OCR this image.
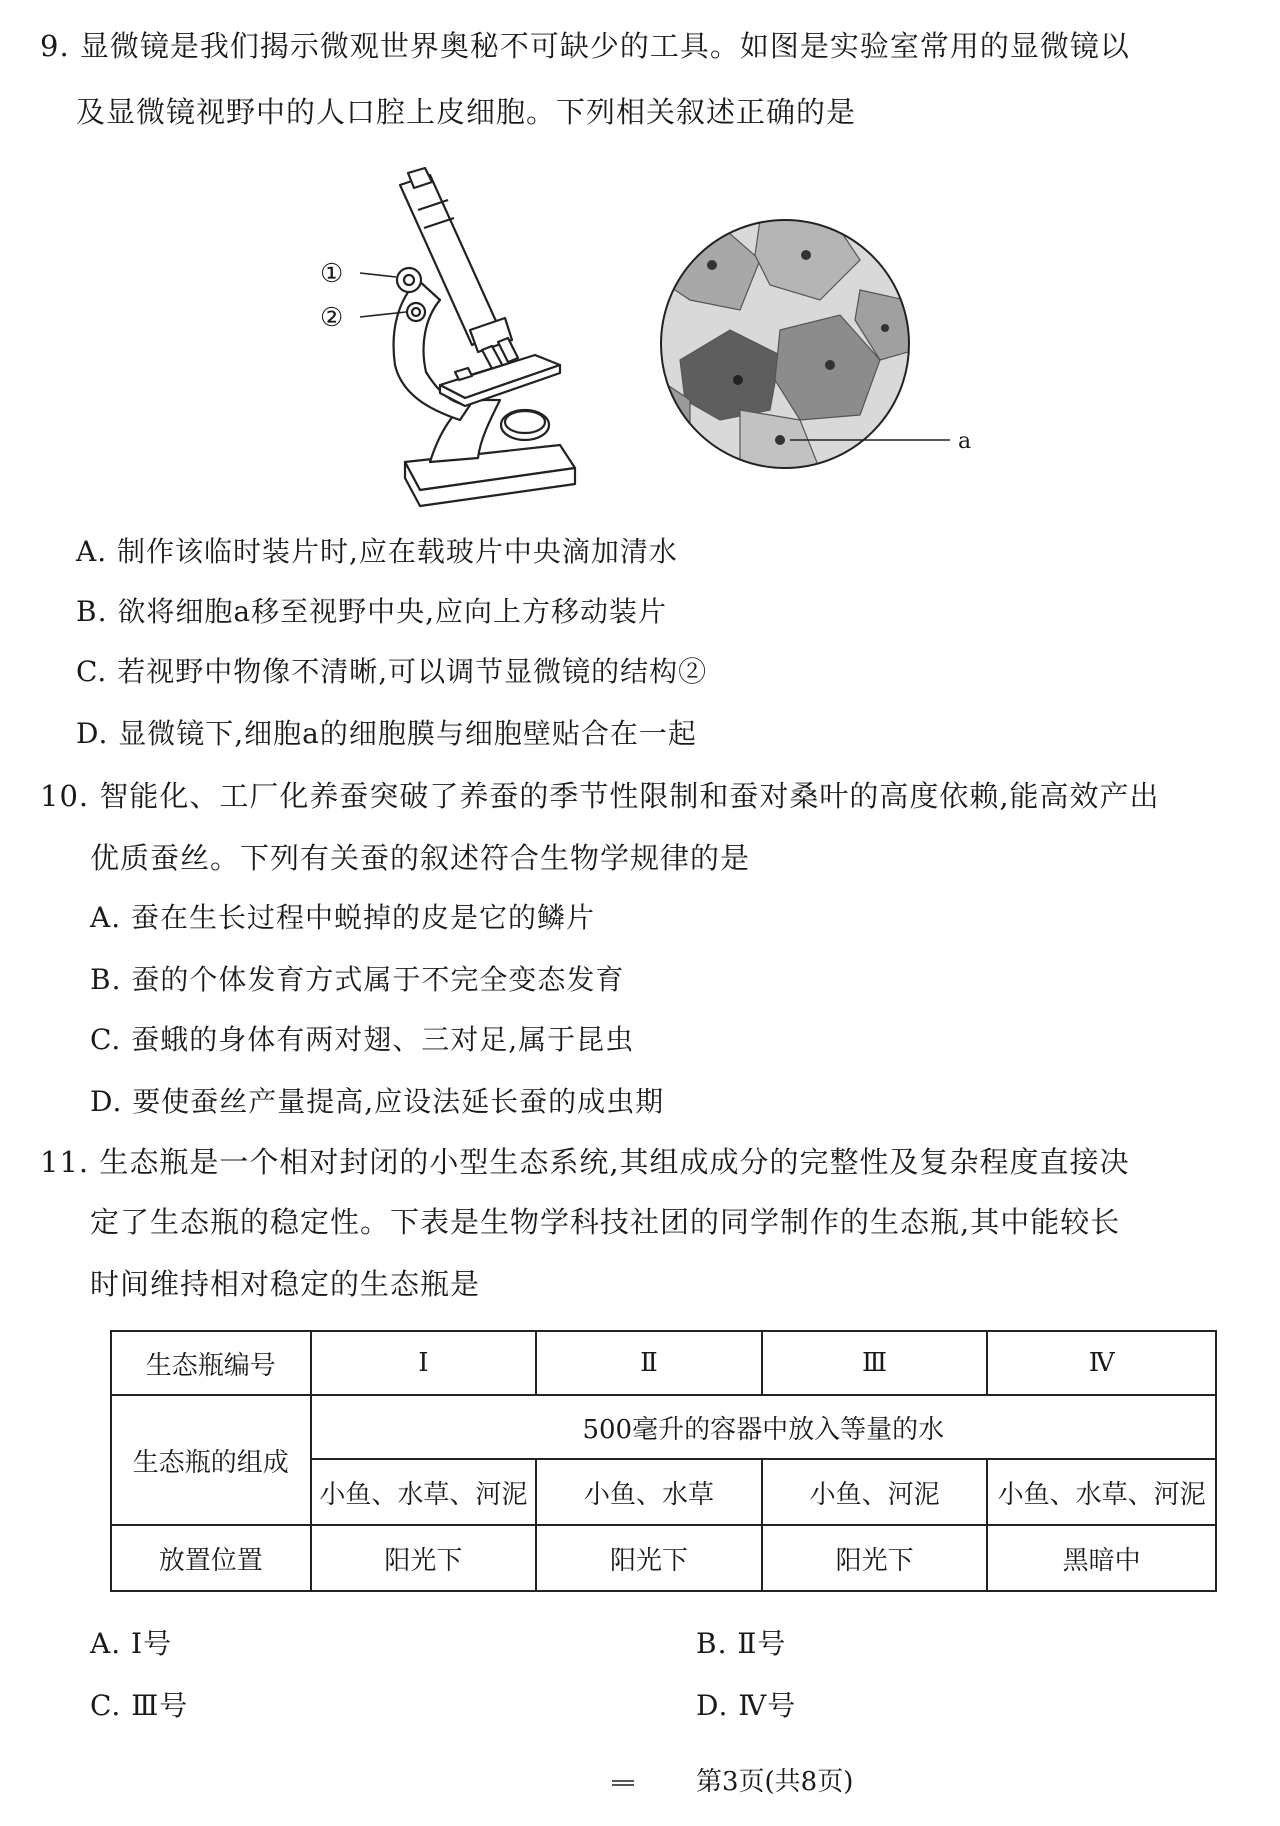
9. 显微镜是我们揭示微观世界奥秘不可缺少的工具。如图是实验室常用的显微镜以
及显微镜视野中的人口腔上皮细胞。下列相关叙述正确的是
①
②
a
A. 制作该临时装片时,应在载玻片中央滴加清水
B. 欲将细胞a移至视野中央,应向上方移动装片
C. 若视野中物像不清晰,可以调节显微镜的结构②
D. 显微镜下,细胞a的细胞膜与细胞壁贴合在一起
10. 智能化、工厂化养蚕突破了养蚕的季节性限制和蚕对桑叶的高度依赖,能高效产出
优质蚕丝。下列有关蚕的叙述符合生物学规律的是
A. 蚕在生长过程中蜕掉的皮是它的鳞片
B. 蚕的个体发育方式属于不完全变态发育
C. 蚕蛾的身体有两对翅、三对足,属于昆虫
D. 要使蚕丝产量提高,应设法延长蚕的成虫期
11. 生态瓶是一个相对封闭的小型生态系统,其组成成分的完整性及复杂程度直接决
定了生态瓶的稳定性。下表是生物学科技社团的同学制作的生态瓶,其中能较长
时间维持相对稳定的生态瓶是
生态瓶编号	Ⅰ	Ⅱ	Ⅲ	Ⅳ
生态瓶的组成	500毫升的容器中放入等量的水			
	小鱼、水草、河泥	小鱼、水草	小鱼、河泥	小鱼、水草、河泥
放置位置	阳光下	阳光下	阳光下	黑暗中
A. Ⅰ号	B. Ⅱ号
C. Ⅲ号	D. Ⅳ号
第3页(共8页)
